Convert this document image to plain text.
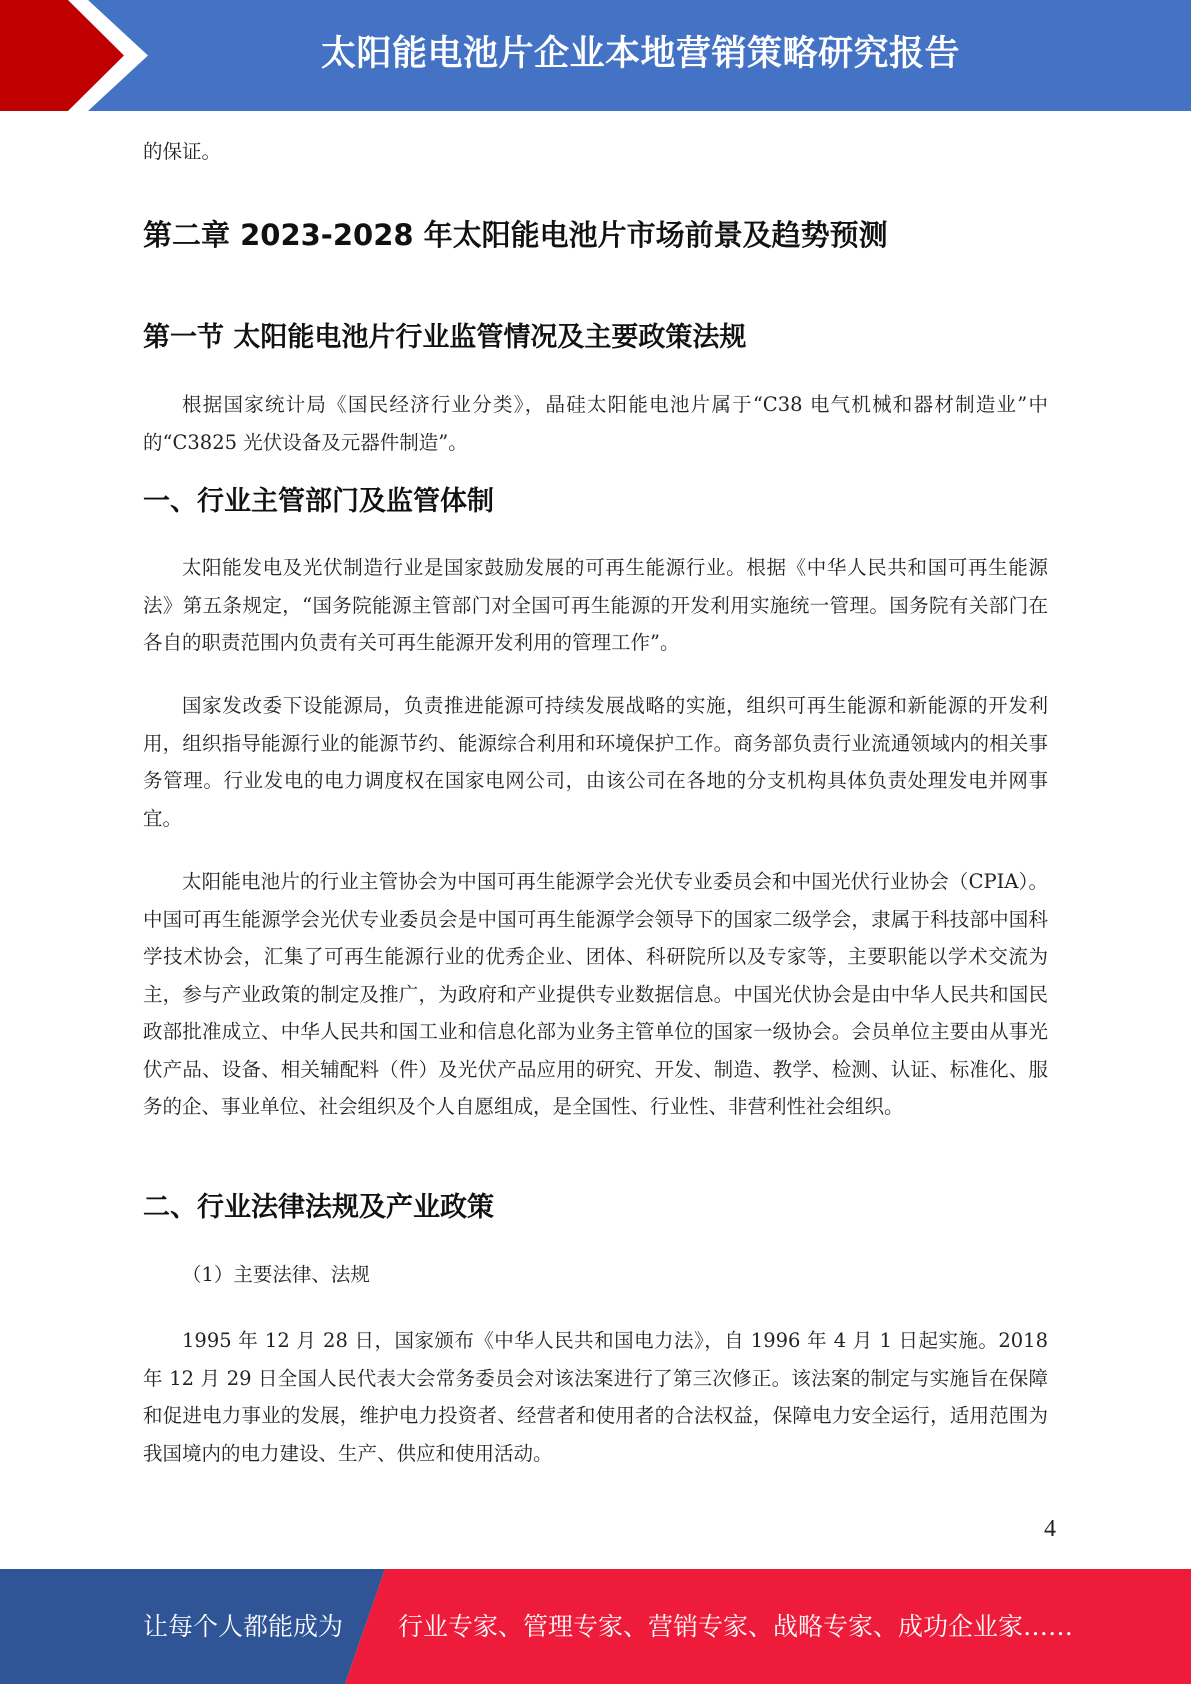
太阳能电池片企业本地营销策略研究报告

的保证。

第二章 2023-2028 年太阳能电池片市场前景及趋势预测
第一节 太阳能电池片行业监管情况及主要政策法规

根据国家统计局《国民经济行业分类》，晶硅太阳能电池片属于“C38 电气机械和器材制造业”中的“C3825 光伏设备及元器件制造”。

一、行业主管部门及监管体制

太阳能发电及光伏制造行业是国家鼓励发展的可再生能源行业。根据《中华人民共和国可再生能源法》第五条规定，“国务院能源主管部门对全国可再生能源的开发利用实施统一管理。国务院有关部门在各自的职责范围内负责有关可再生能源开发利用的管理工作”。

国家发改委下设能源局，负责推进能源可持续发展战略的实施，组织可再生能源和新能源的开发利用，组织指导能源行业的能源节约、能源综合利用和环境保护工作。商务部负责行业流通领域内的相关事务管理。行业发电的电力调度权在国家电网公司，由该公司在各地的分支机构具体负责处理发电并网事宜。

太阳能电池片的行业主管协会为中国可再生能源学会光伏专业委员会和中国光伏行业协会（CPIA）。中国可再生能源学会光伏专业委员会是中国可再生能源学会领导下的国家二级学会，隶属于科技部中国科学技术协会，汇集了可再生能源行业的优秀企业、团体、科研院所以及专家等，主要职能以学术交流为主，参与产业政策的制定及推广，为政府和产业提供专业数据信息。中国光伏协会是由中华人民共和国民政部批准成立、中华人民共和国工业和信息化部为业务主管单位的国家一级协会。会员单位主要由从事光伏产品、设备、相关辅配料（件）及光伏产品应用的研究、开发、制造、教学、检测、认证、标准化、服务的企、事业单位、社会组织及个人自愿组成，是全国性、行业性、非营利性社会组织。

二、行业法律法规及产业政策

（1）主要法律、法规

1995 年 12 月 28 日，国家颁布《中华人民共和国电力法》，自 1996 年 4 月 1 日起实施。2018 年 12 月 29 日全国人民代表大会常务委员会对该法案进行了第三次修正。该法案的制定与实施旨在保障和促进电力事业的发展，维护电力投资者、经营者和使用者的合法权益，保障电力安全运行，适用范围为我国境内的电力建设、生产、供应和使用活动。

4
让每个人都能成为 行业专家、管理专家、营销专家、战略专家、成功企业家……
